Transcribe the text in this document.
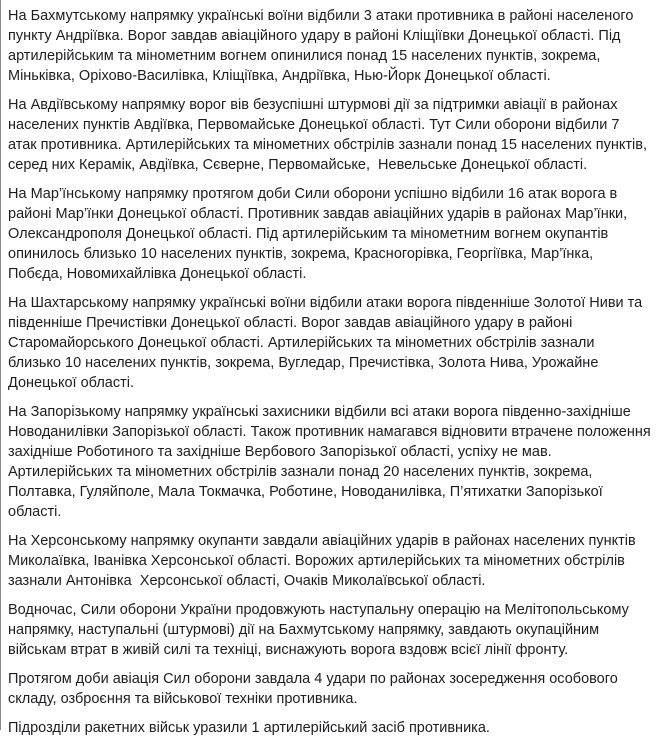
На Бахмутському напрямку українські воїни відбили 3 атаки противника в районі населеного пункту Андріївка. Ворог завдав авіаційного удару в районі Кліщіївки Донецької області. Під артилерійським та мінометним вогнем опинилися понад 15 населених пунктів, зокрема, Міньківка, Оріхово-Василівка, Кліщіївка, Андріївка, Нью-Йорк Донецької області.

На Авдіївському напрямку ворог вів безуспішні штурмові дії за підтримки авіації в районах населених пунктів Авдіївка, Первомайське Донецької області. Тут Сили оборони відбили 7 атак противника. Артилерійських та мінометних обстрілів зазнали понад 15 населених пунктів, серед них Керамік, Авдіївка, Сєверне, Первомайське,  Невельське Донецької області.

На Мар’їнському напрямку протягом доби Сили оборони успішно відбили 16 атак ворога в районі Мар’їнки Донецької області. Противник завдав авіаційних ударів в районах Мар’їнки, Олександрополя Донецької області. Під артилерійським та мінометним вогнем окупантів опинилось близько 10 населених пунктів, зокрема, Красногорівка, Георгіївка, Мар’їнка, Побєда, Новомихайлівка Донецької області.

На Шахтарському напрямку українські воїни відбили атаки ворога південніше Золотої Ниви та південніше Пречистівки Донецької області. Ворог завдав авіаційного удару в районі Старомайорського Донецької області. Артилерійських та мінометних обстрілів зазнали близько 10 населених пунктів, зокрема, Вугледар, Пречистівка, Золота Нива, Урожайне Донецької області.

На Запорізькому напрямку українські захисники відбили всі атаки ворога південно-західніше Новоданилівки Запорізької області. Також противник намагався відновити втрачене положення західніше Роботиного та західніше Вербового Запорізької області, успіху не мав. Артилерійських та мінометних обстрілів зазнали понад 20 населених пунктів, зокрема, Полтавка, Гуляйполе, Мала Токмачка, Роботине, Новоданилівка, П’ятихатки Запорізької області.

На Херсонському напрямку окупанти завдали авіаційних ударів в районах населених пунктів Миколаївка, Іванівка Херсонської області. Ворожих артилерійських та мінометних обстрілів зазнали Антонівка  Херсонської області, Очаків Миколаївської області.

Водночас, Сили оборони України продовжують наступальну операцію на Мелітопольському напрямку, наступальні (штурмові) дії на Бахмутському напрямку, завдають окупаційним військам втрат в живій силі та техніці, виснажують ворога вздовж всієї лінії фронту.

Протягом доби авіація Сил оборони завдала 4 удари по районах зосередження особового складу, озброєння та військової техніки противника.

Підрозділи ракетних військ уразили 1 артилерійський засіб противника.
